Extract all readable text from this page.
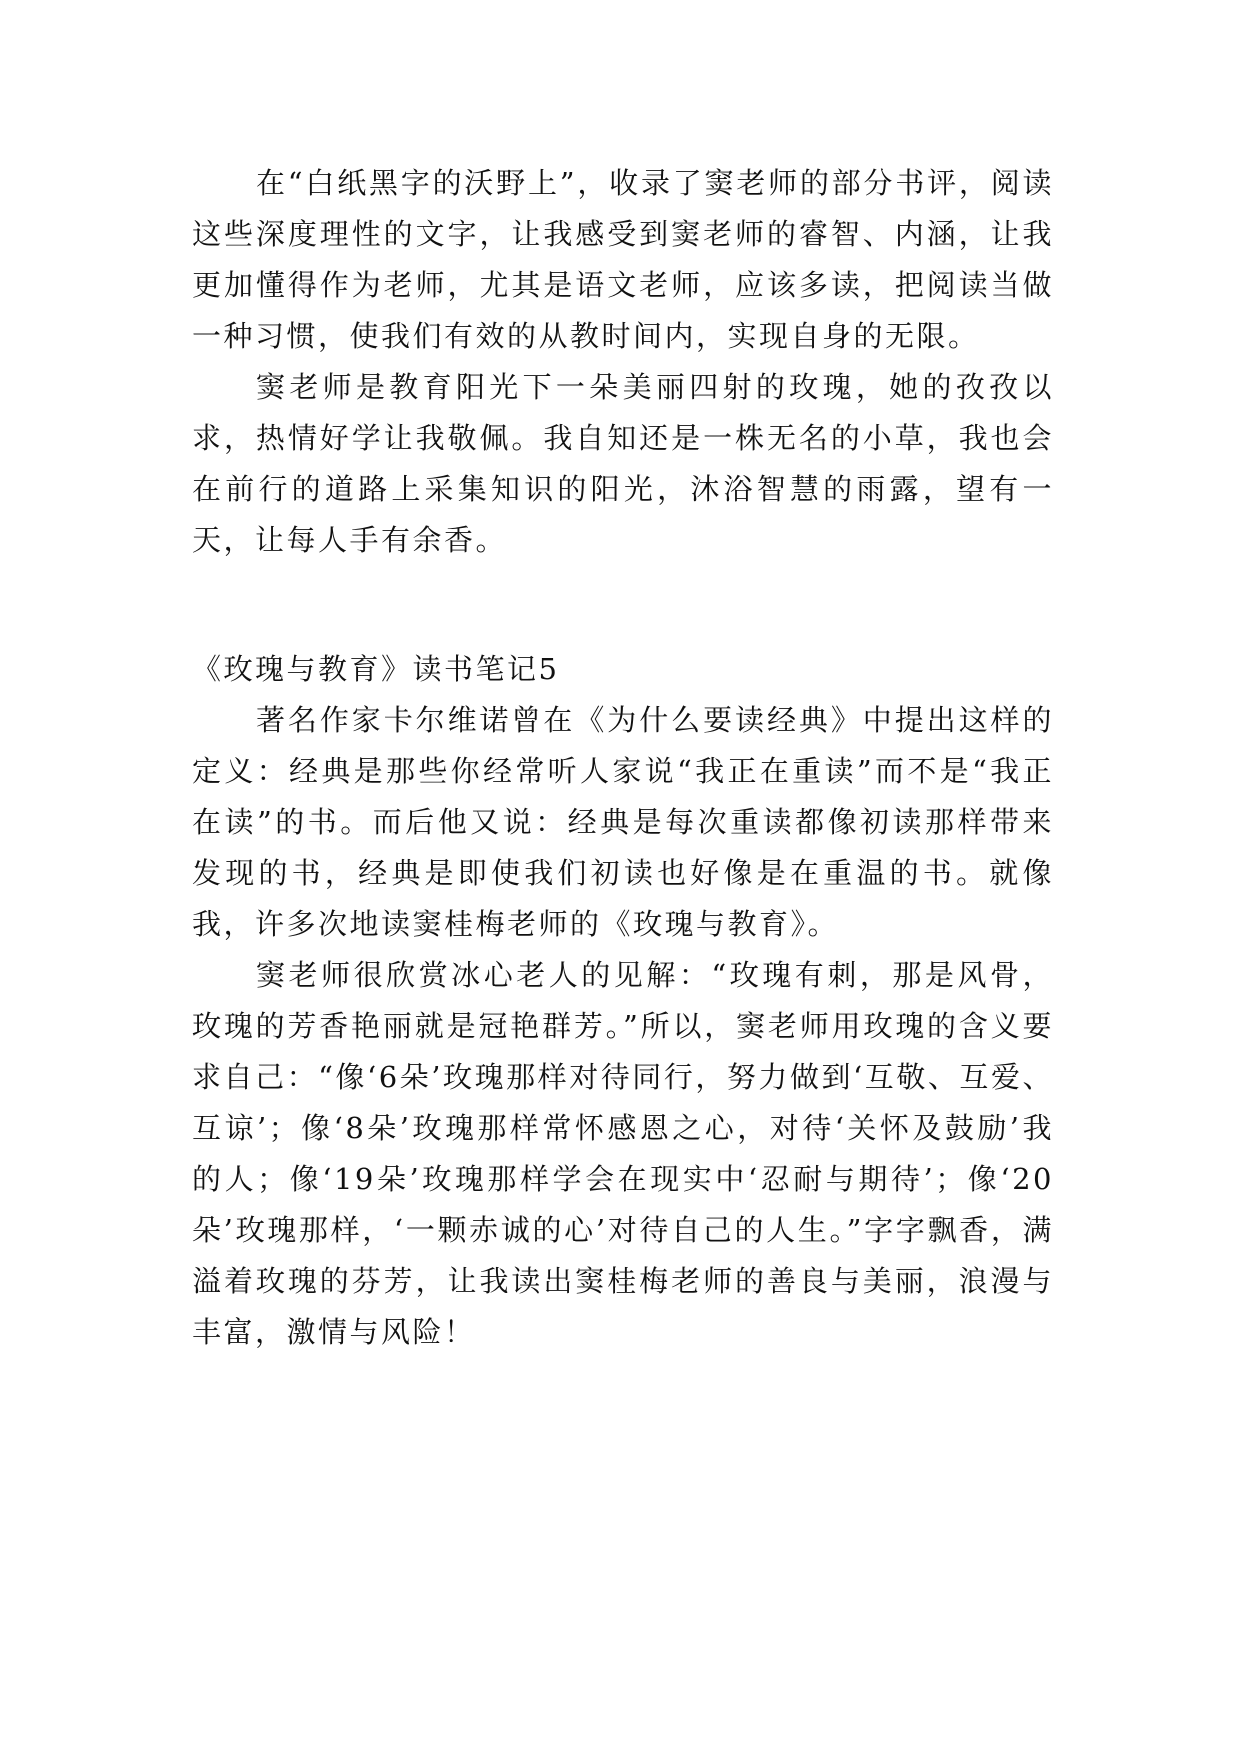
在“白纸黑字的沃野上”，收录了窦老师的部分书评，阅读这些深度理性的文字，让我感受到窦老师的睿智、内涵，让我更加懂得作为老师，尤其是语文老师，应该多读，把阅读当做一种习惯，使我们有效的从教时间内，实现自身的无限。

窦老师是教育阳光下一朵美丽四射的玫瑰，她的孜孜以求，热情好学让我敬佩。我自知还是一株无名的小草，我也会在前行的道路上采集知识的阳光，沐浴智慧的雨露，望有一天，让每人手有余香。

《玫瑰与教育》读书笔记5

著名作家卡尔维诺曾在《为什么要读经典》中提出这样的定义：经典是那些你经常听人家说“我正在重读”而不是“我正在读”的书。而后他又说：经典是每次重读都像初读那样带来发现的书，经典是即使我们初读也好像是在重温的书。就像我，许多次地读窦桂梅老师的《玫瑰与教育》。

窦老师很欣赏冰心老人的见解：“玫瑰有刺，那是风骨，玫瑰的芳香艳丽就是冠艳群芳。”所以，窦老师用玫瑰的含义要求自己：“像‘6朵’玫瑰那样对待同行，努力做到‘互敬、互爱、互谅’；像‘8朵’玫瑰那样常怀感恩之心，对待‘关怀及鼓励’我的人；像‘19朵’玫瑰那样学会在现实中‘忍耐与期待’；像‘20朵’玫瑰那样，‘一颗赤诚的心’对待自己的人生。”字字飘香，满溢着玫瑰的芬芳，让我读出窦桂梅老师的善良与美丽，浪漫与丰富，激情与风险！
